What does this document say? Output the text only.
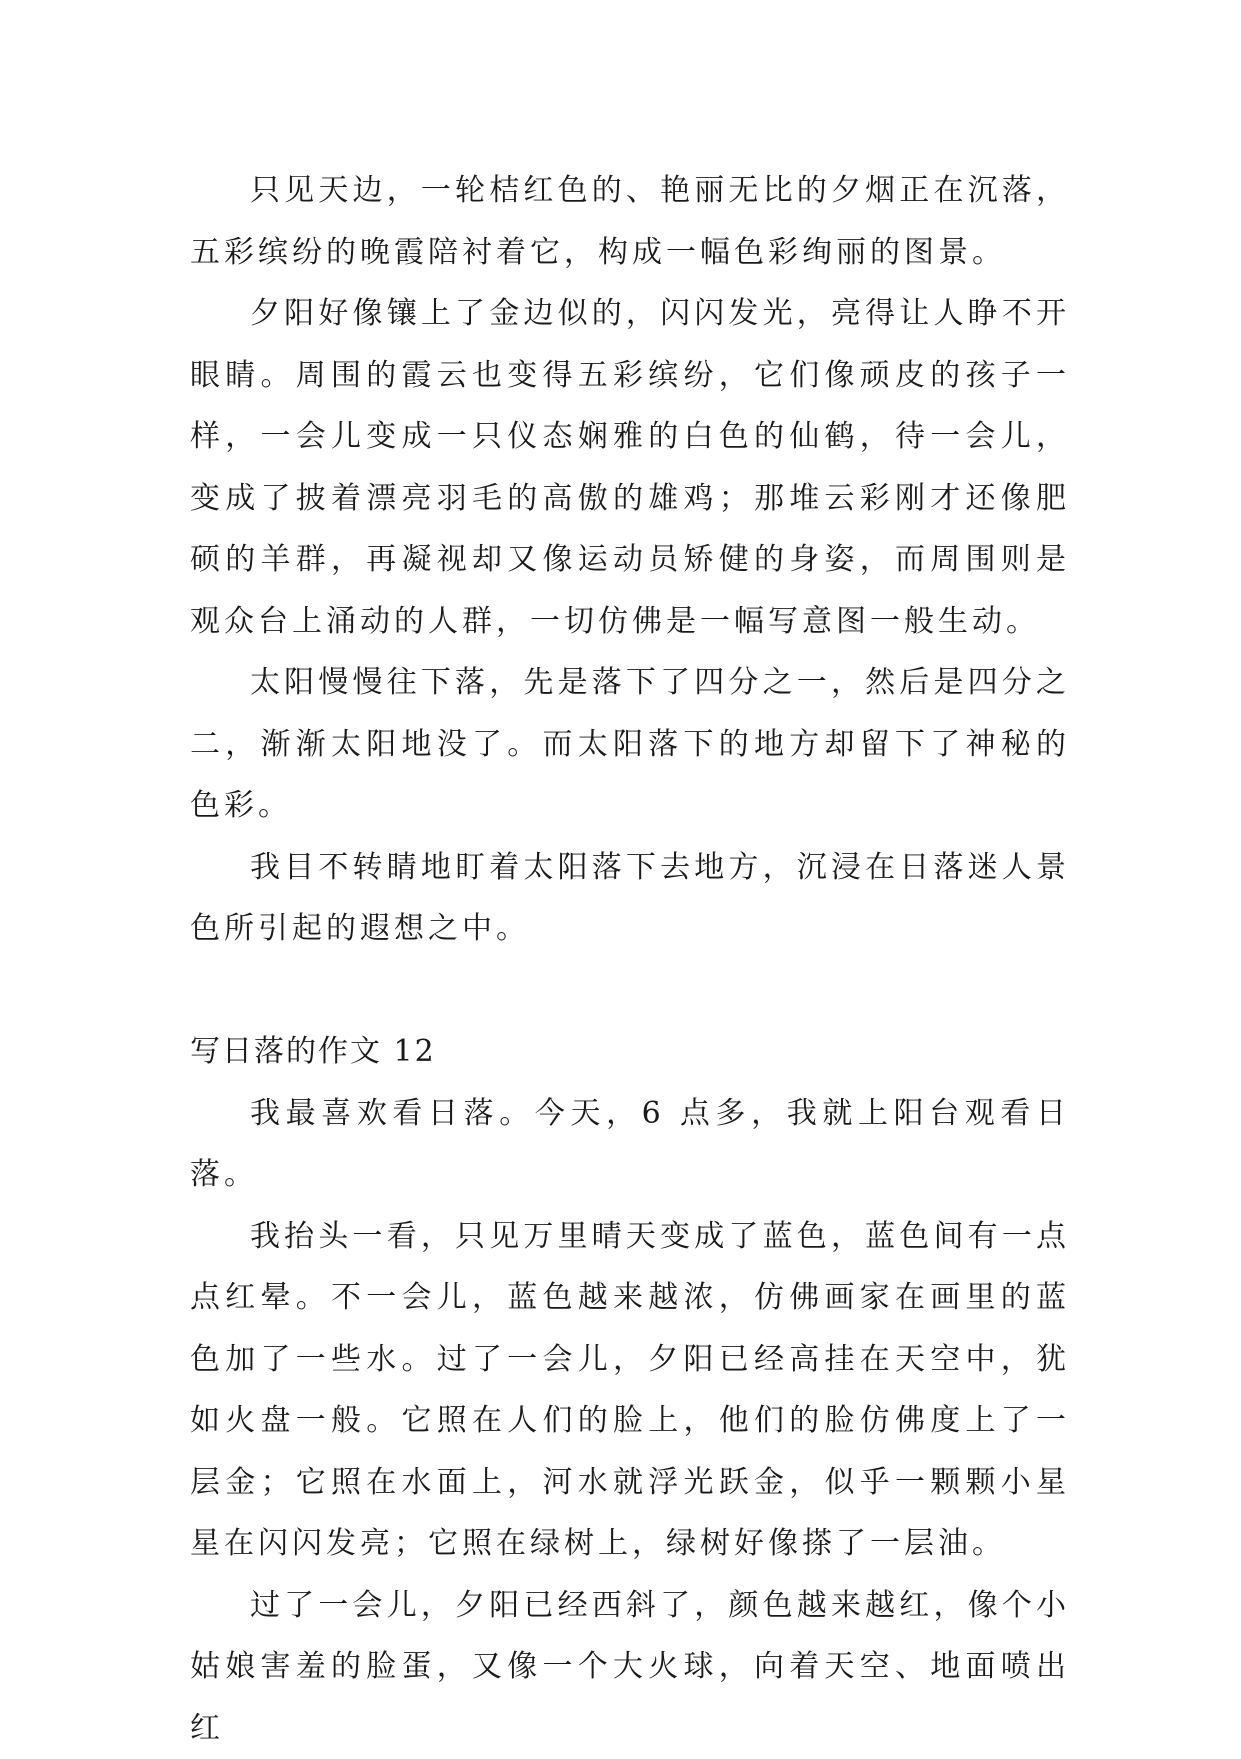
只见天边，一轮桔红色的、艳丽无比的夕烟正在沉落，五彩缤纷的晚霞陪衬着它，构成一幅色彩绚丽的图景。

夕阳好像镶上了金边似的，闪闪发光，亮得让人睁不开眼睛。周围的霞云也变得五彩缤纷，它们像顽皮的孩子一样，一会儿变成一只仪态娴雅的白色的仙鹤，待一会儿，变成了披着漂亮羽毛的高傲的雄鸡；那堆云彩刚才还像肥硕的羊群，再凝视却又像运动员矫健的身姿，而周围则是观众台上涌动的人群，一切仿佛是一幅写意图一般生动。

太阳慢慢往下落，先是落下了四分之一，然后是四分之二，渐渐太阳地没了。而太阳落下的地方却留下了神秘的色彩。

我目不转睛地盯着太阳落下去地方，沉浸在日落迷人景色所引起的遐想之中。

写日落的作文 12

我最喜欢看日落。今天，6 点多，我就上阳台观看日落。

我抬头一看，只见万里晴天变成了蓝色，蓝色间有一点点红晕。不一会儿，蓝色越来越浓，仿佛画家在画里的蓝色加了一些水。过了一会儿，夕阳已经高挂在天空中，犹如火盘一般。它照在人们的脸上，他们的脸仿佛度上了一层金；它照在水面上，河水就浮光跃金，似乎一颗颗小星星在闪闪发亮；它照在绿树上，绿树好像搽了一层油。

过了一会儿，夕阳已经西斜了，颜色越来越红，像个小姑娘害羞的脸蛋，又像一个大火球，向着天空、地面喷出红
